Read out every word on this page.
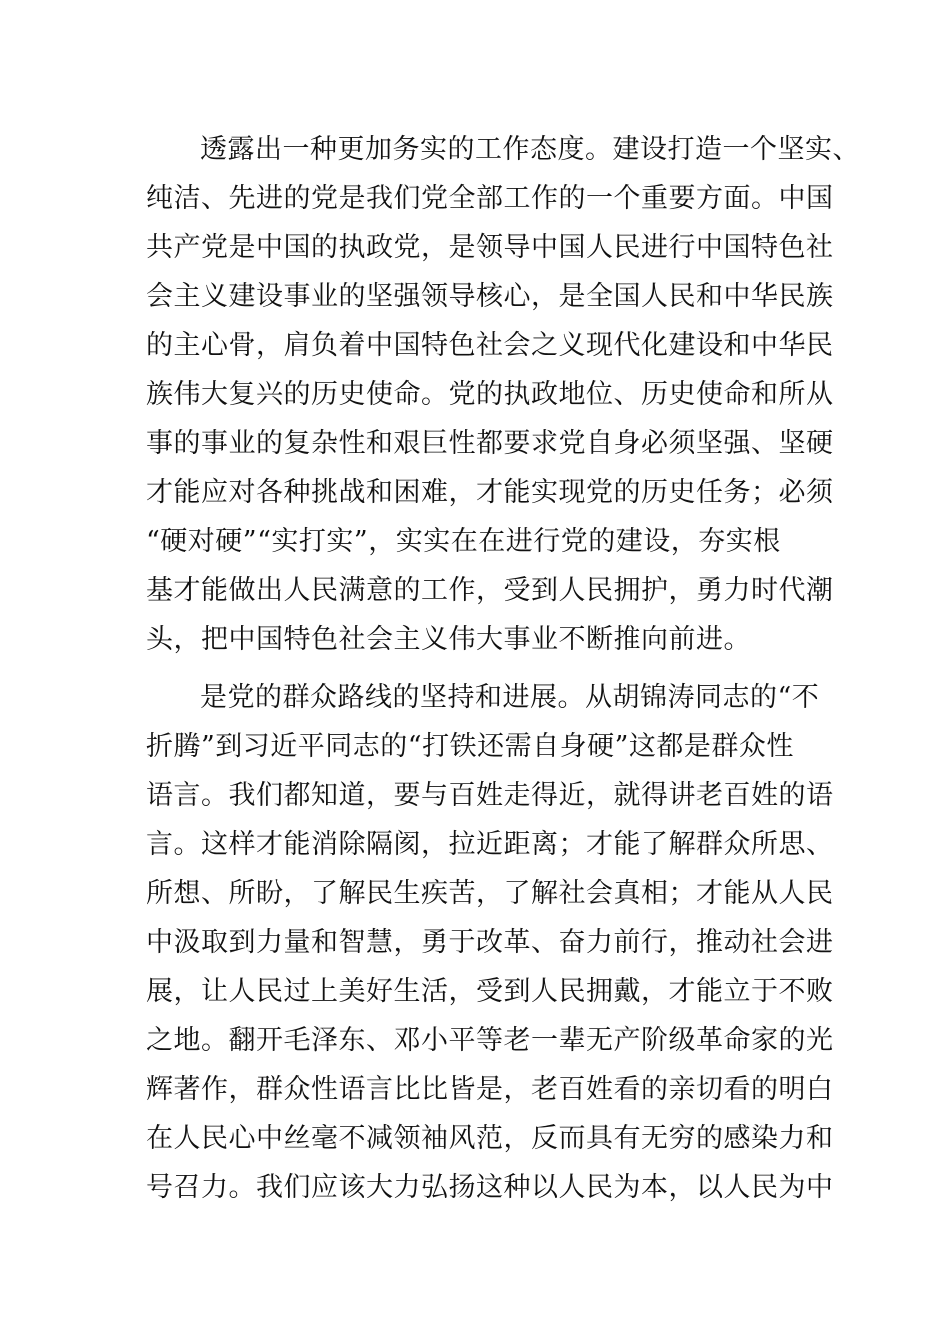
透露出一种更加务实的工作态度。建设打造一个坚实、
纯洁、先进的党是我们党全部工作的一个重要方面。中国
共产党是中国的执政党，是领导中国人民进行中国特色社
会主义建设事业的坚强领导核心，是全国人民和中华民族
的主心骨，肩负着中国特色社会之义现代化建设和中华民
族伟大复兴的历史使命。党的执政地位、历史使命和所从
事的事业的复杂性和艰巨性都要求党自身必须坚强、坚硬
才能应对各种挑战和困难，才能实现党的历史任务；必须
“硬对硬”“实打实”，实实在在进行党的建设，夯实根
基才能做出人民满意的工作，受到人民拥护，勇力时代潮
头，把中国特色社会主义伟大事业不断推向前进。
是党的群众路线的坚持和进展。从胡锦涛同志的“不
折腾”到习近平同志的“打铁还需自身硬”这都是群众性
语言。我们都知道，要与百姓走得近，就得讲老百姓的语
言。这样才能消除隔阂，拉近距离；才能了解群众所思、
所想、所盼，了解民生疾苦，了解社会真相；才能从人民
中汲取到力量和智慧，勇于改革、奋力前行，推动社会进
展，让人民过上美好生活，受到人民拥戴，才能立于不败
之地。翻开毛泽东、邓小平等老一辈无产阶级革命家的光
辉著作，群众性语言比比皆是，老百姓看的亲切看的明白
在人民心中丝毫不减领袖风范，反而具有无穷的感染力和
号召力。我们应该大力弘扬这种以人民为本，以人民为中
